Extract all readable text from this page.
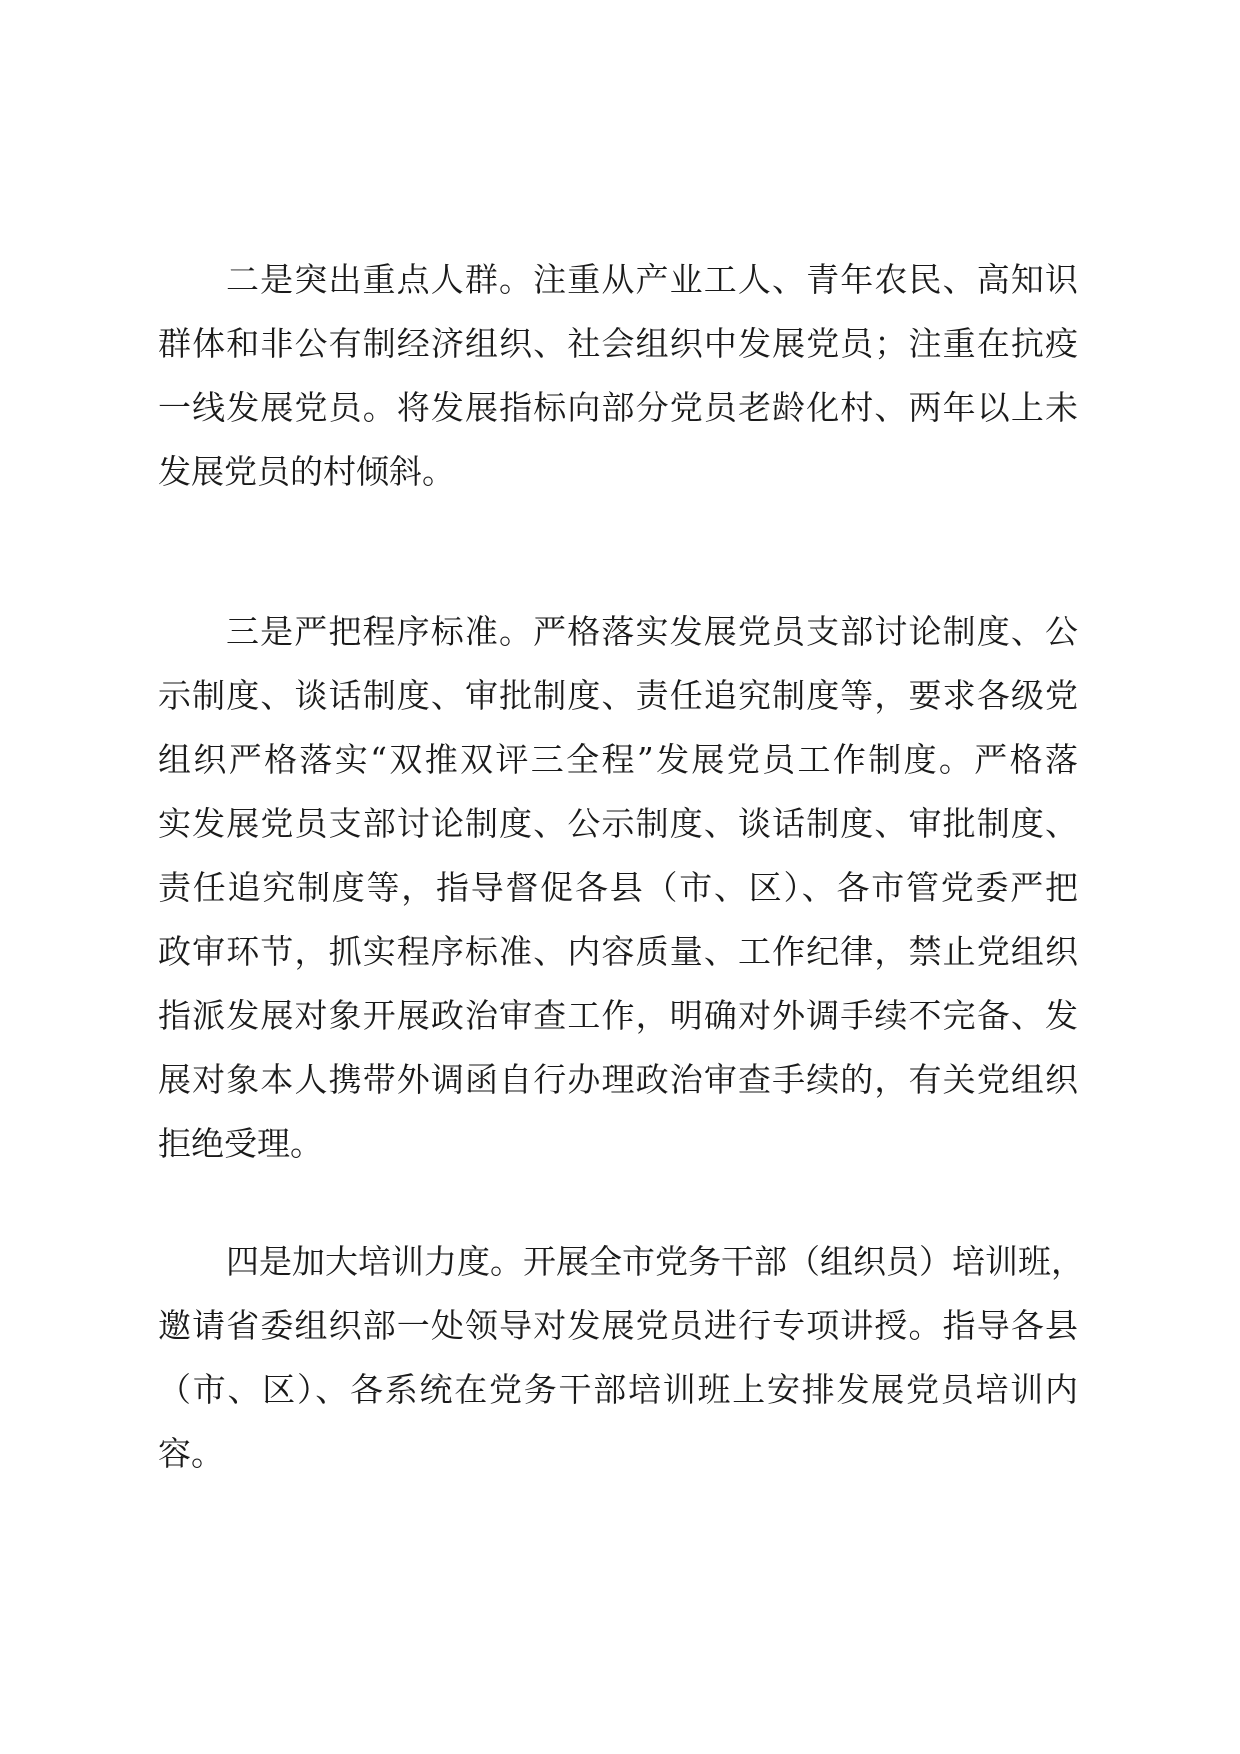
二是突出重点人群。注重从产业工人、青年农民、高知识
群体和非公有制经济组织、社会组织中发展党员；注重在抗疫
一线发展党员。将发展指标向部分党员老龄化村、两年以上未
发展党员的村倾斜。
三是严把程序标准。严格落实发展党员支部讨论制度、公
示制度、谈话制度、审批制度、责任追究制度等，要求各级党
组织严格落实“双推双评三全程”发展党员工作制度。严格落
实发展党员支部讨论制度、公示制度、谈话制度、审批制度、
责任追究制度等，指导督促各县（市、区）、各市管党委严把
政审环节，抓实程序标准、内容质量、工作纪律，禁止党组织
指派发展对象开展政治审查工作，明确对外调手续不完备、发
展对象本人携带外调函自行办理政治审查手续的，有关党组织
拒绝受理。
四是加大培训力度。开展全市党务干部（组织员）培训班，
邀请省委组织部一处领导对发展党员进行专项讲授。指导各县
（市、区）、各系统在党务干部培训班上安排发展党员培训内
容。
